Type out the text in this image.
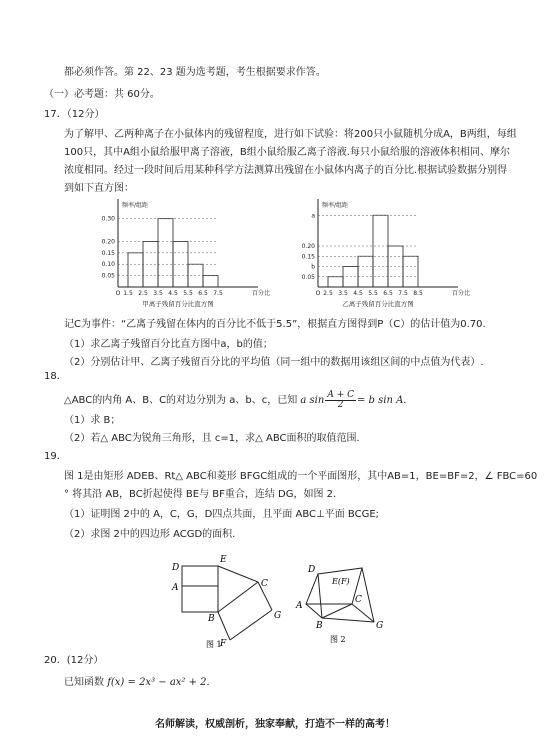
都必须作答。第 22、23 题为选考题，考生根据要求作答。
（一）必考题：共 60分。
17．（12分）
为了解甲、乙两种离子在小鼠体内的残留程度，进行如下试验：将200只小鼠随机分成A，B两组，每组
100只，其中A组小鼠给服甲离子溶液，B组小鼠给服乙离子溶液.每只小鼠给服的溶液体积相同、摩尔
浓度相同。经过一段时间后用某种科学方法测算出残留在小鼠体内离子的百分比.根据试验数据分别得
到如下直方图：
频率/组距
百分比
0.05
0.10
0.15
0.20
0.30
O 1.5 2.5 3.5 4.5 5.5 6.5 7.5
甲离子残留百分比直方图
频率/组距
百分比
0.05
b
0.15
0.20
a
O 2.5 3.5 4.5 5.5 6.5 7.5 8.5
乙离子残留百分比直方图
记C为事件：“乙离子残留在体内的百分比不低于5.5”，根据直方图得到P（C）的估计值为0.70.
（1）求乙离子残留百分比直方图中a，b的值；
（2）分别估计甲、乙离子残留百分比的平均值（同一组中的数据用该组区间的中点值为代表）.
18．
△ABC的内角 A、B、C的对边分别为 a、b、c，已知 a $\sin \frac{A + C}{2} = b$ sin A．
（1）求 B；
（2）若△ ABC为锐角三角形，且 c=1，求△ ABC面积的取值范围．
19．
图 1是由矩形 ADEB、Rt△ ABC和菱形 BFGC组成的一个平面图形，其中AB=1，BE=BF=2，∠ FBC=60
° 将其沿 AB，BC折起使得 BE与 BF重合，连结 DG，如图 2.
（1）证明图 2中的 A，C，G，D四点共面，且平面 ABC⊥平面 BCGE;
（2）求图 2中的四边形 ACGD的面积.
D
E
A
B
C
F
G
图 1
D
E(F)
A
B
C
G
图 2
20．(12分）
已知函数 f(x) = 2x³ − ax² + 2．
名师解读，权威剖析，独家奉献，打造不一样的高考！
